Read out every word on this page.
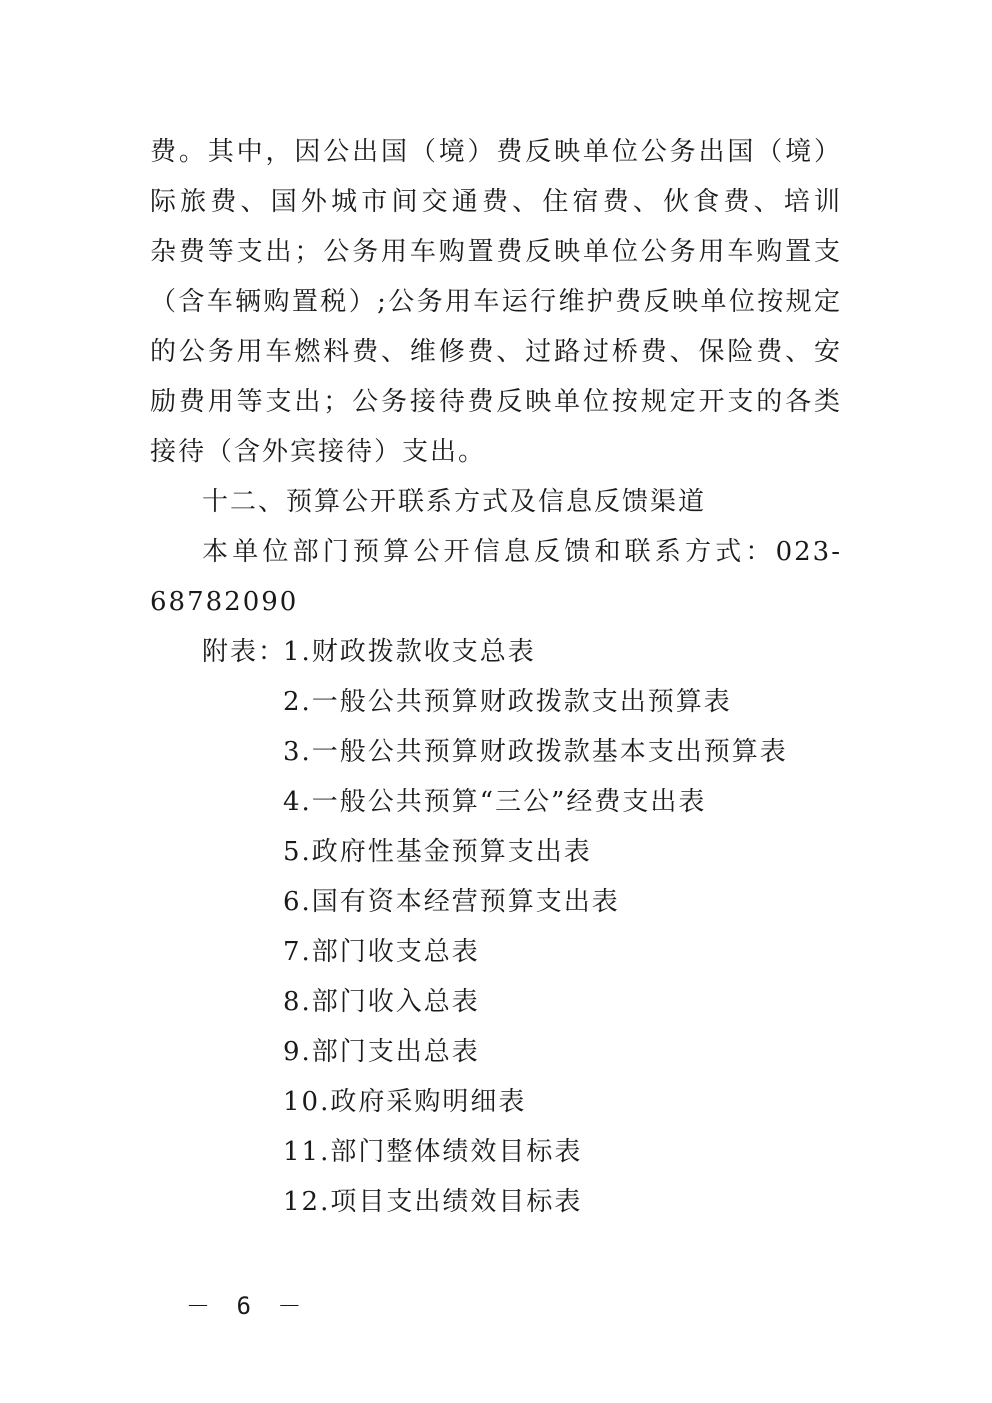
费。其中，因公出国（境）费反映单位公务出国（境）
际旅费、国外城市间交通费、住宿费、伙食费、培训
杂费等支出；公务用车购置费反映单位公务用车购置支
（含车辆购置税）;公务用车运行维护费反映单位按规定
的公务用车燃料费、维修费、过路过桥费、保险费、安
励费用等支出；公务接待费反映单位按规定开支的各类
接待（含外宾接待）支出。
十二、预算公开联系方式及信息反馈渠道
本单位部门预算公开信息反馈和联系方式：023-
68782090
附表：
1.财政拨款收支总表
2.一般公共预算财政拨款支出预算表
3.一般公共预算财政拨款基本支出预算表
4.一般公共预算“三公”经费支出表
5.政府性基金预算支出表
6.国有资本经营预算支出表
7.部门收支总表
8.部门收入总表
9.部门支出总表
10.政府采购明细表
11.部门整体绩效目标表
12.项目支出绩效目标表
－ 6 －
